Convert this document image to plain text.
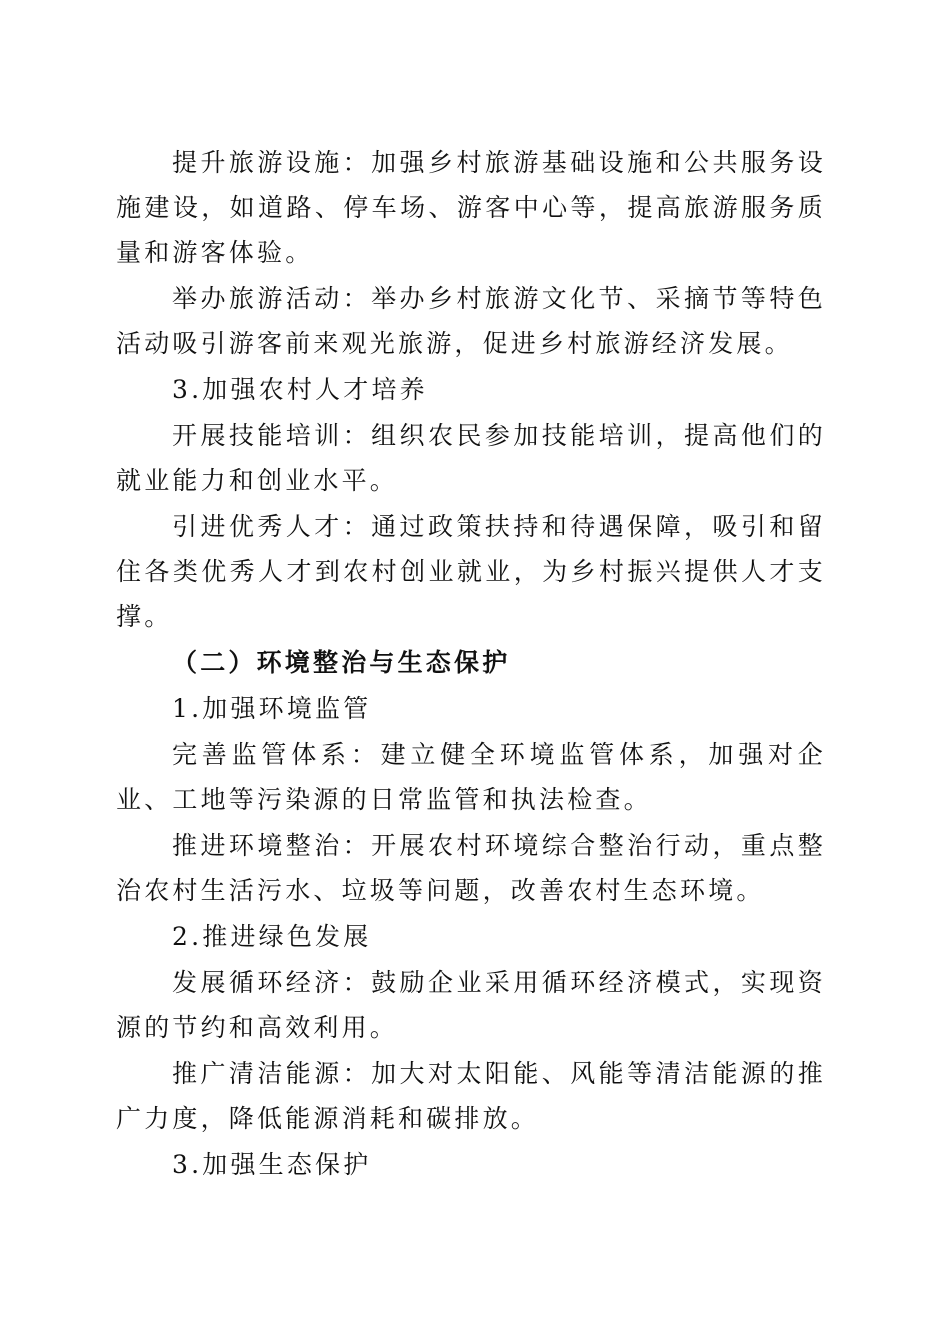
提升旅游设施：加强乡村旅游基础设施和公共服务设施建设，如道路、停车场、游客中心等，提高旅游服务质量和游客体验。

举办旅游活动：举办乡村旅游文化节、采摘节等特色活动吸引游客前来观光旅游，促进乡村旅游经济发展。

3.加强农村人才培养

开展技能培训：组织农民参加技能培训，提高他们的就业能力和创业水平。

引进优秀人才：通过政策扶持和待遇保障，吸引和留住各类优秀人才到农村创业就业，为乡村振兴提供人才支撑。

（二）环境整治与生态保护

1.加强环境监管

完善监管体系：建立健全环境监管体系，加强对企业、工地等污染源的日常监管和执法检查。

推进环境整治：开展农村环境综合整治行动，重点整治农村生活污水、垃圾等问题，改善农村生态环境。

2.推进绿色发展

发展循环经济：鼓励企业采用循环经济模式，实现资源的节约和高效利用。

推广清洁能源：加大对太阳能、风能等清洁能源的推广力度，降低能源消耗和碳排放。

3.加强生态保护
